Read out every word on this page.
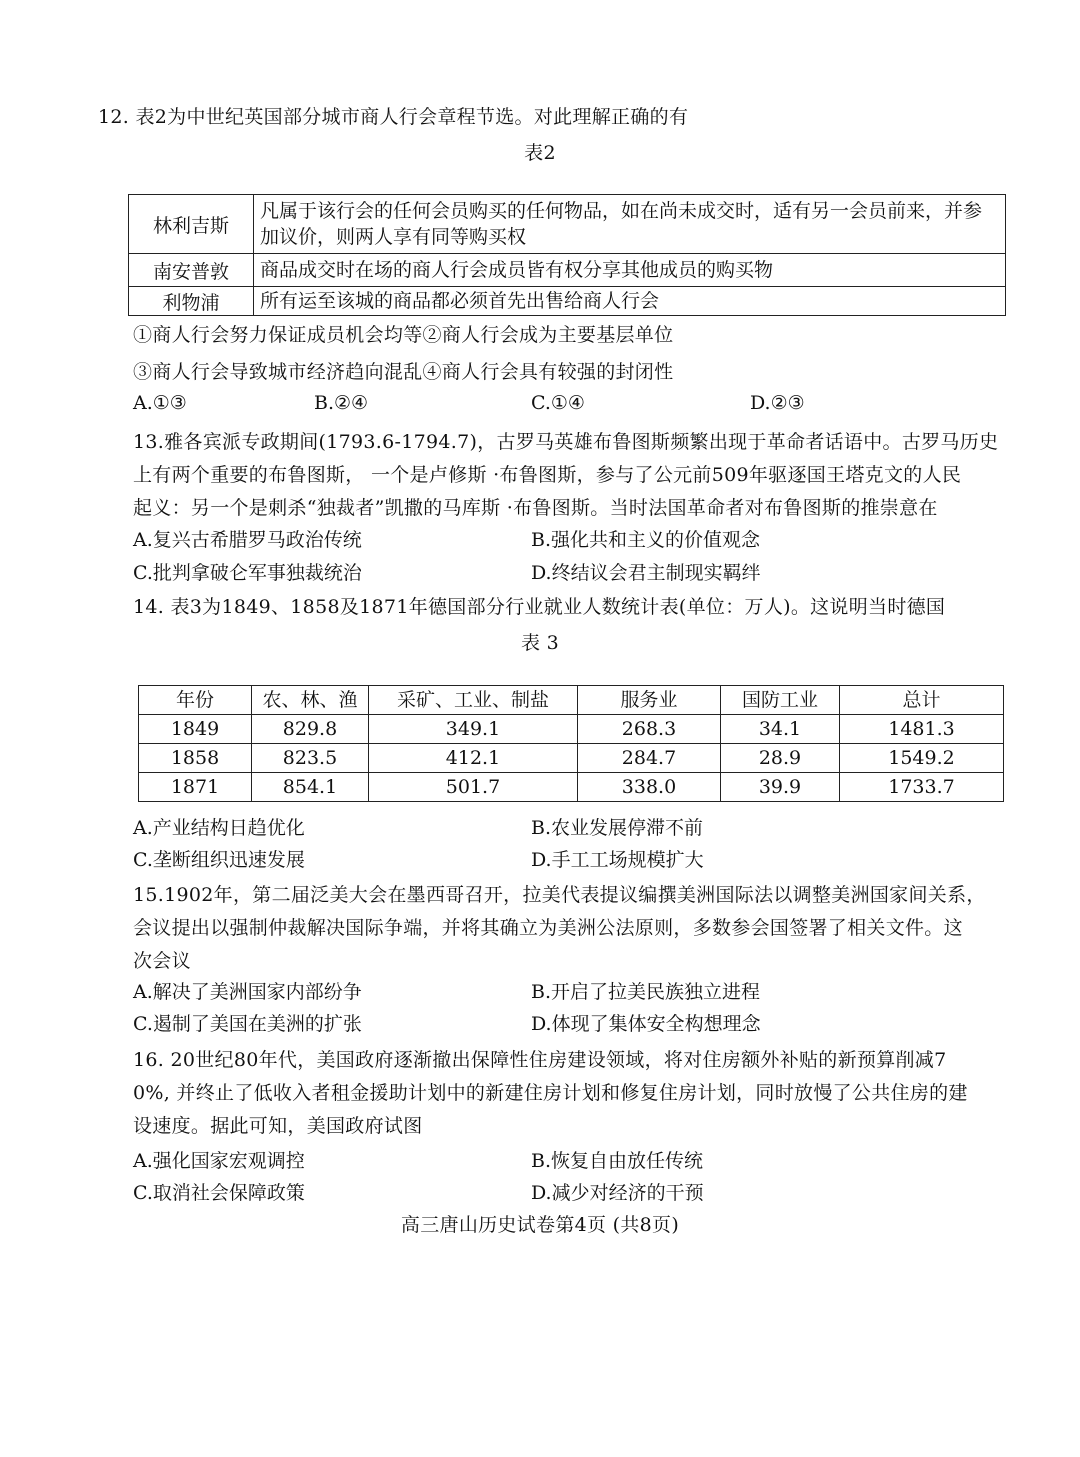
12. 表2为中世纪英国部分城市商人行会章程节选。对此理解正确的有
表2
林利吉斯	凡属于该行会的任何会员购买的任何物品，如在尚未成交时，适有另一会员前来，并参加议价，则两人享有同等购买权
南安普敦	商品成交时在场的商人行会成员皆有权分享其他成员的购买物
利物浦	所有运至该城的商品都必须首先出售给商人行会
①商人行会努力保证成员机会均等②商人行会成为主要基层单位
③商人行会导致城市经济趋向混乱④商人行会具有较强的封闭性
A.①③	B.②④	C.①④	D.②③
13.雅各宾派专政期间(1793.6-1794.7)，古罗马英雄布鲁图斯频繁出现于革命者话语中。古罗马历史
上有两个重要的布鲁图斯， 一个是卢修斯 ·布鲁图斯，参与了公元前509年驱逐国王塔克文的人民
起义：另一个是刺杀“独裁者”凯撒的马库斯 ·布鲁图斯。当时法国革命者对布鲁图斯的推崇意在
A.复兴古希腊罗马政治传统	B.强化共和主义的价值观念
C.批判拿破仑军事独裁统治	D.终结议会君主制现实羁绊
14. 表3为1849、1858及1871年德国部分行业就业人数统计表(单位：万人)。这说明当时德国
表 3
年份	农、林、渔	采矿、工业、制盐	服务业	国防工业	总计
1849	829.8	349.1	268.3	34.1	1481.3
1858	823.5	412.1	284.7	28.9	1549.2
1871	854.1	501.7	338.0	39.9	1733.7
A.产业结构日趋优化	B.农业发展停滞不前
C.垄断组织迅速发展	D.手工工场规模扩大
15.1902年，第二届泛美大会在墨西哥召开，拉美代表提议编撰美洲国际法以调整美洲国家间关系，
会议提出以强制仲裁解决国际争端，并将其确立为美洲公法原则，多数参会国签署了相关文件。这
次会议
A.解决了美洲国家内部纷争	B.开启了拉美民族独立进程
C.遏制了美国在美洲的扩张	D.体现了集体安全构想理念
16. 20世纪80年代，美国政府逐渐撤出保障性住房建设领域，将对住房额外补贴的新预算削减7
0%, 并终止了低收入者租金援助计划中的新建住房计划和修复住房计划，同时放慢了公共住房的建
设速度。据此可知，美国政府试图
A.强化国家宏观调控	B.恢复自由放任传统
C.取消社会保障政策	D.减少对经济的干预
高三唐山历史试卷第4页 (共8页)
